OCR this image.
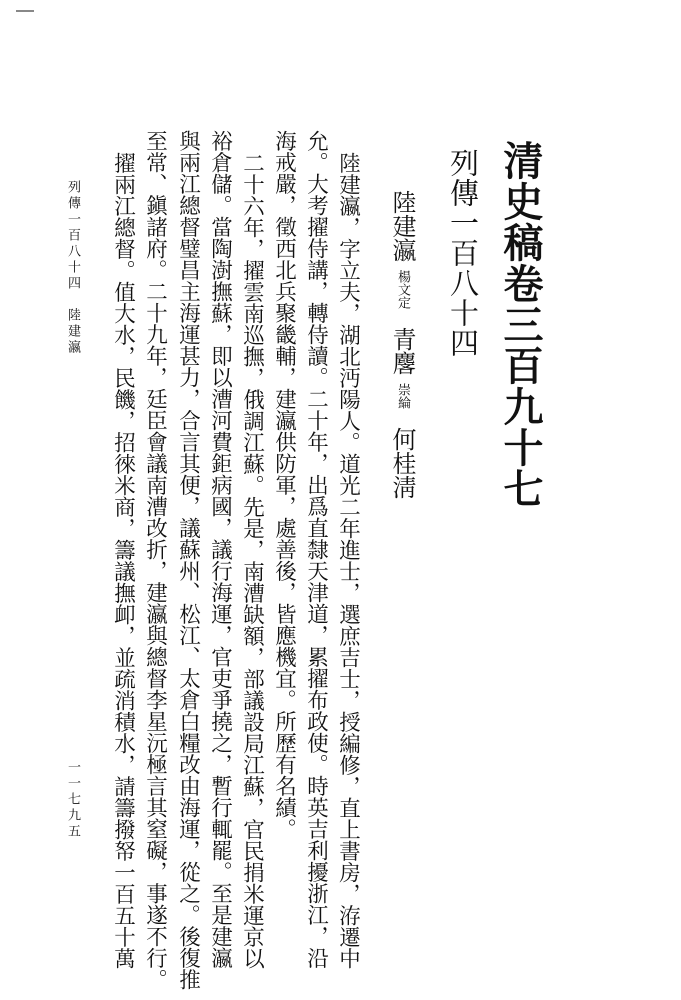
清史稿卷三百九十七
列傳一百八十四
陸建瀛楊文定青麐崇綸何桂淸
陸建瀛，字立夫，湖北沔陽人。道光二年進士，選庶吉士，授編修，直上書房，洊遷中
允。大考擢侍講，轉侍讀。二十年，出爲直隸天津道，累擢布政使。時英吉利擾浙江，沿
海戒嚴，徵西北兵聚畿輔，建瀛供防軍，處善後，皆應機宜。所歷有名績。
二十六年，擢雲南巡撫，俄調江蘇。先是，南漕缺額，部議設局江蘇，官民捐米運京以
裕倉儲。當陶澍撫蘇，即以漕河費鉅病國，議行海運，官吏爭撓之，暫行輒罷。至是建瀛
與兩江總督璧昌主海運甚力，合言其便，議蘇州、松江、太倉白糧改由海運，從之。後復推
至常、鎭諸府。二十九年，廷臣會議南漕改折，建瀛與總督李星沅極言其窒礙，事遂不行。
擢兩江總督。值大水，民饑，招徠米商，籌議撫卹，並疏消積水，請籌撥帑一百五十萬
列傳一百八十四　陸建瀛
一一七九五
